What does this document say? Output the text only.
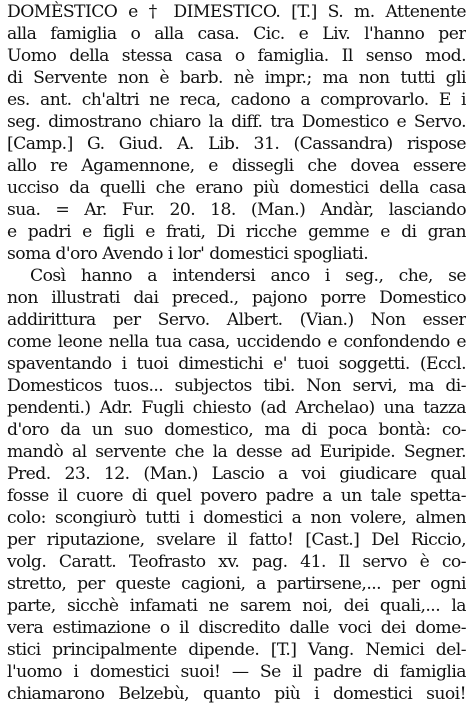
DOMÈSTICO e † DIMESTICO. [T.] S. m. Attenente
alla famiglia o alla casa. Cic. e Liv. l'hanno per
Uomo della stessa casa o famiglia. Il senso mod.
di Servente non è barb. nè impr.; ma non tutti gli
es. ant. ch'altri ne reca, cadono a comprovarlo. E i
seg. dimostrano chiaro la diff. tra Domestico e Servo.
[Camp.] G. Giud. A. Lib. 31. (Cassandra) rispose
allo re Agamennone, e dissegli che dovea essere
ucciso da quelli che erano più domestici della casa
sua. = Ar. Fur. 20. 18. (Man.) Andàr, lasciando
e padri e figli e frati, Di ricche gemme e di gran
soma d'oro Avendo i lor' domestici spogliati.
Così hanno a intendersi anco i seg., che, se
non illustrati dai preced., pajono porre Domestico
addirittura per Servo. Albert. (Vian.) Non esser
come leone nella tua casa, uccidendo e confondendo e
spaventando i tuoi dimestichi e' tuoi soggetti. (Eccl.
Domesticos tuos... subjectos tibi. Non servi, ma di-
pendenti.) Adr. Fugli chiesto (ad Archelao) una tazza
d'oro da un suo domestico, ma di poca bontà: co-
mandò al servente che la desse ad Euripide. Segner.
Pred. 23. 12. (Man.) Lascio a voi giudicare qual
fosse il cuore di quel povero padre a un tale spetta-
colo: scongiurò tutti i domestici a non volere, almen
per riputazione, svelare il fatto! [Cast.] Del Riccio,
volg. Caratt. Teofrasto xv. pag. 41. Il servo è co-
stretto, per queste cagioni, a partirsene,... per ogni
parte, sicchè infamati ne sarem noi, dei quali,... la
vera estimazione o il discredito dalle voci dei dome-
stici principalmente dipende. [T.] Vang. Nemici del-
l'uomo i domestici suoi! — Se il padre di famiglia
chiamarono Belzebù, quanto più i domestici suoi!
